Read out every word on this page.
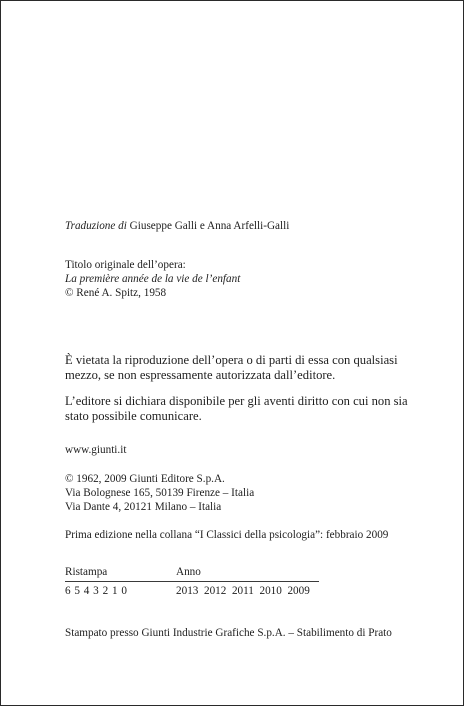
Traduzione di Giuseppe Galli e Anna Arfelli-Galli
Titolo originale dell’opera:
La première année de la vie de l’enfant
© René A. Spitz, 1958
È vietata la riproduzione dell’opera o di parti di essa con qualsiasi
mezzo, se non espressamente autorizzata dall’editore.
L’editore si dichiara disponibile per gli aventi diritto con cui non sia
stato possibile comunicare.
www.giunti.it
© 1962, 2009 Giunti Editore S.p.A.
Via Bolognese 165, 50139 Firenze – Italia
Via Dante 4, 20121 Milano – Italia
Prima edizione nella collana “I Classici della psicologia”: febbraio 2009
Ristampa	Anno
6 5 4 3 2 1 0	2013  2012  2011  2010  2009
Stampato presso Giunti Industrie Grafiche S.p.A. – Stabilimento di Prato
